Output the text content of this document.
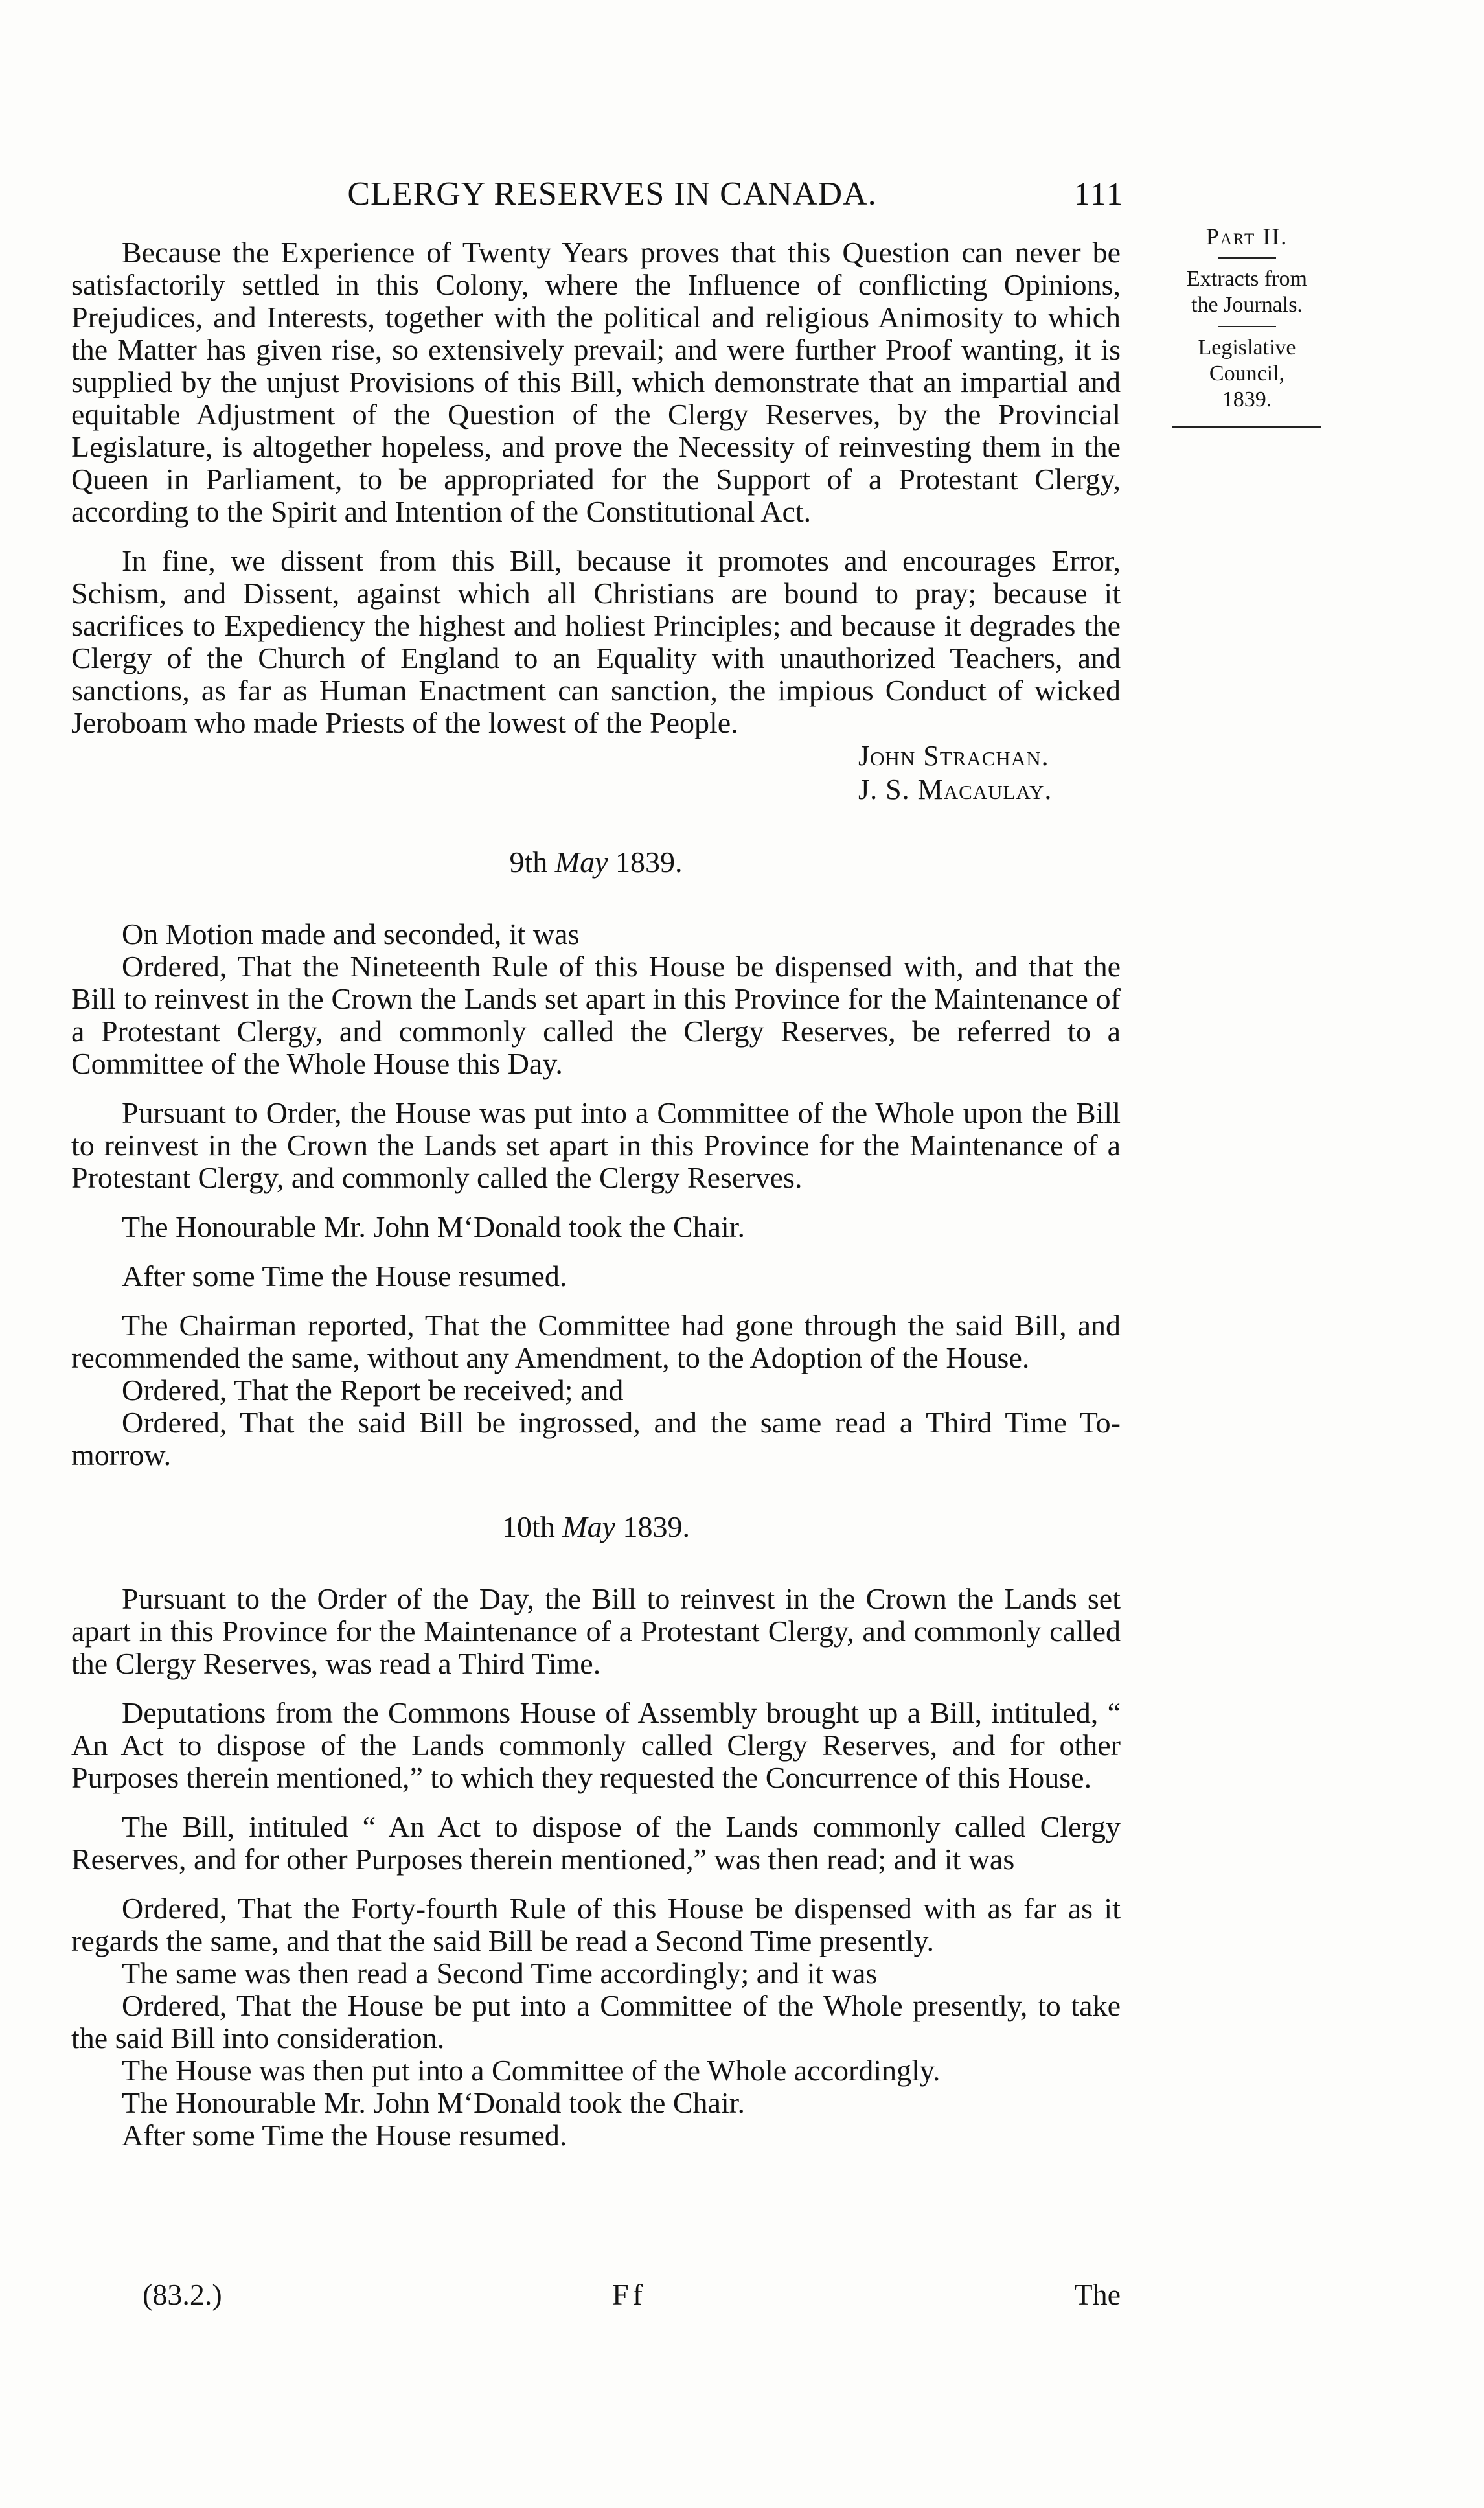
CLERGY RESERVES IN CANADA.	111
Part II.
Extracts from
the Journals.
Legislative
Council,
1839.

Because the Experience of Twenty Years proves that this Question can never be satisfactorily settled in this Colony, where the Influence of conflicting Opinions, Prejudices, and Interests, together with the political and religious Animosity to which the Matter has given rise, so extensively prevail; and were further Proof wanting, it is supplied by the unjust Provisions of this Bill, which demonstrate that an impartial and equitable Adjustment of the Question of the Clergy Reserves, by the Provincial Legislature, is altogether hopeless, and prove the Necessity of reinvesting them in the Queen in Parliament, to be appropriated for the Support of a Protestant Clergy, according to the Spirit and Intention of the Constitutional Act.

In fine, we dissent from this Bill, because it promotes and encourages Error, Schism, and Dissent, against which all Christians are bound to pray; because it sacrifices to Expediency the highest and holiest Principles; and because it degrades the Clergy of the Church of England to an Equality with unauthorized Teachers, and sanctions, as far as Human Enactment can sanction, the impious Conduct of wicked Jeroboam who made Priests of the lowest of the People.

John Strachan.
J. S. Macaulay.
9th May 1839.

On Motion made and seconded, it was

Ordered, That the Nineteenth Rule of this House be dispensed with, and that the Bill to reinvest in the Crown the Lands set apart in this Province for the Maintenance of a Protestant Clergy, and commonly called the Clergy Reserves, be referred to a Committee of the Whole House this Day.

Pursuant to Order, the House was put into a Committee of the Whole upon the Bill to reinvest in the Crown the Lands set apart in this Province for the Maintenance of a Protestant Clergy, and commonly called the Clergy Reserves.

The Honourable Mr. John M‘Donald took the Chair.

After some Time the House resumed.

The Chairman reported, That the Committee had gone through the said Bill, and recommended the same, without any Amendment, to the Adoption of the House.

Ordered, That the Report be received; and

Ordered, That the said Bill be ingrossed, and the same read a Third Time To-morrow.

10th May 1839.

Pursuant to the Order of the Day, the Bill to reinvest in the Crown the Lands set apart in this Province for the Maintenance of a Protestant Clergy, and commonly called the Clergy Reserves, was read a Third Time.

Deputations from the Commons House of Assembly brought up a Bill, intituled, “ An Act to dispose of the Lands commonly called Clergy Reserves, and for other Purposes therein mentioned,” to which they requested the Concurrence of this House.

The Bill, intituled “ An Act to dispose of the Lands commonly called Clergy Reserves, and for other Purposes therein mentioned,” was then read; and it was

Ordered, That the Forty-fourth Rule of this House be dispensed with as far as it regards the same, and that the said Bill be read a Second Time presently.

The same was then read a Second Time accordingly; and it was

Ordered, That the House be put into a Committee of the Whole presently, to take the said Bill into consideration.

The House was then put into a Committee of the Whole accordingly.

The Honourable Mr. John M‘Donald took the Chair.

After some Time the House resumed.

(83.2.)	Ff	The
